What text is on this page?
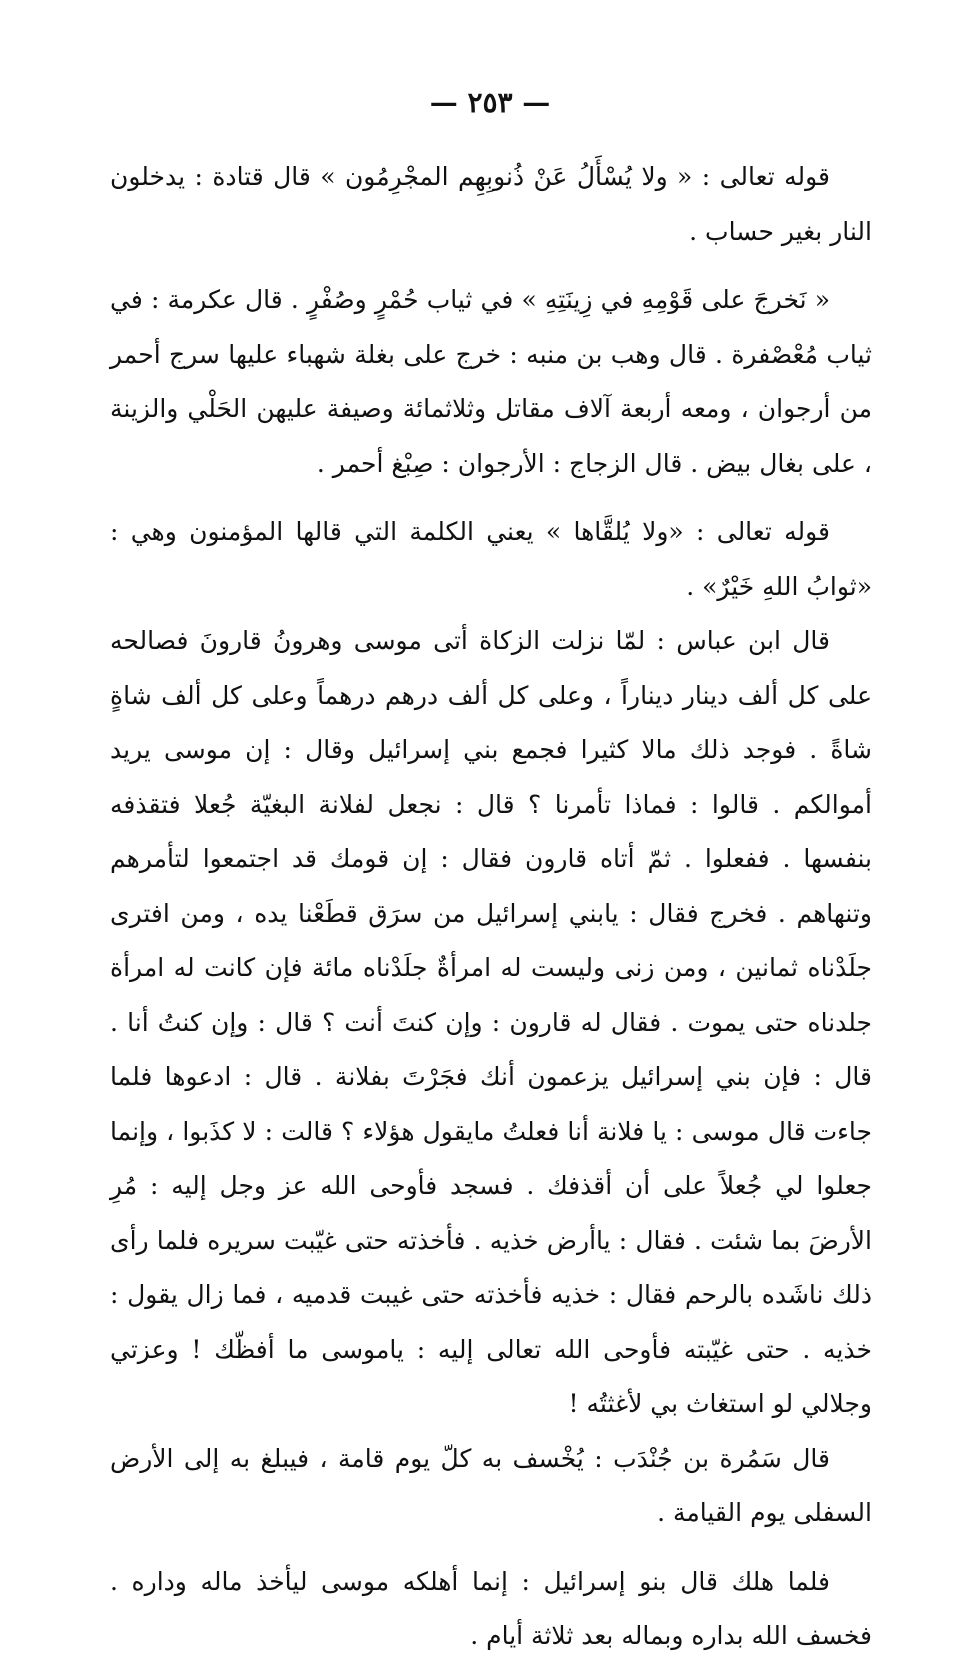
— ٢٥٣ —

قوله تعالى : « ولا يُسْأَلُ عَنْ ذُنوبِهِم المجْرِمُون » قال قتادة : يدخلون النار بغير حساب .

« نَخرجَ على قَوْمِهِ في زِينَتِهِ » في ثياب حُمْرٍ وصُفْرٍ . قال عكرمة : في ثياب مُعْصْفرة . قال وهب بن منبه : خرج على بغلة شهباء عليها سرج أحمر من أرجوان ، ومعه أربعة آلاف مقاتل وثلاثمائة وصيفة عليهن الحَلْي والزينة ، على بغال بيض . قال الزجاج : الأرجوان : صِبْغ أحمر .

قوله تعالى : «ولا يُلقَّاها » يعني الكلمة التي قالها المؤمنون وهي : «ثوابُ اللهِ خَيْرٌ» .

قال ابن عباس : لمّا نزلت الزكاة أتى موسى وهرونُ قارونَ فصالحه على كل ألف دينار ديناراً ، وعلى كل ألف درهم درهماً وعلى كل ألف شاةٍ شاةً . فوجد ذلك مالا كثيرا فجمع بني إسرائيل وقال : إن موسى يريد أموالكم . قالوا : فماذا تأمرنا ؟ قال : نجعل لفلانة البغيّة جُعلا فتقذفه بنفسها . ففعلوا . ثمّ أتاه قارون فقال : إن قومك قد اجتمعوا لتأمرهم وتنهاهم . فخرج فقال : يابني إسرائيل من سرَق قطَعْنا يده ، ومن افترى جلَدْناه ثمانين ، ومن زنى وليست له امرأةٌ جلَدْناه مائة فإن كانت له امرأة جلدناه حتى يموت . فقال له قارون : وإن كنتَ أنت ؟ قال : وإن كنتُ أنا . قال : فإن بني إسرائيل يزعمون أنك فجَرْتَ بفلانة . قال : ادعوها فلما جاءت قال موسى : يا فلانة أنا فعلتُ مايقول هؤلاء ؟ قالت : لا كذَبوا ، وإنما جعلوا لي جُعلاً على أن أقذفك . فسجد فأوحى الله عز وجل إليه : مُرِ الأرضَ بما شئت . فقال : ياأرض خذيه . فأخذته حتى غيّبت سريره فلما رأى ذلك ناشَده بالرحم فقال : خذيه فأخذته حتى غيبت قدميه ، فما زال يقول : خذيه . حتى غيّبته فأوحى الله تعالى إليه : ياموسى ما أفظّك ! وعزتي وجلالي لو استغاث بي لأغثتُه !

قال سَمُرة بن جُنْدَب : يُخْسف به كلّ يوم قامة ، فيبلغ به إلى الأرض السفلى يوم القيامة .

فلما هلك قال بنو إسرائيل : إنما أهلكه موسى ليأخذ ماله وداره . فخسف الله بداره وبماله بعد ثلاثة أيام .
